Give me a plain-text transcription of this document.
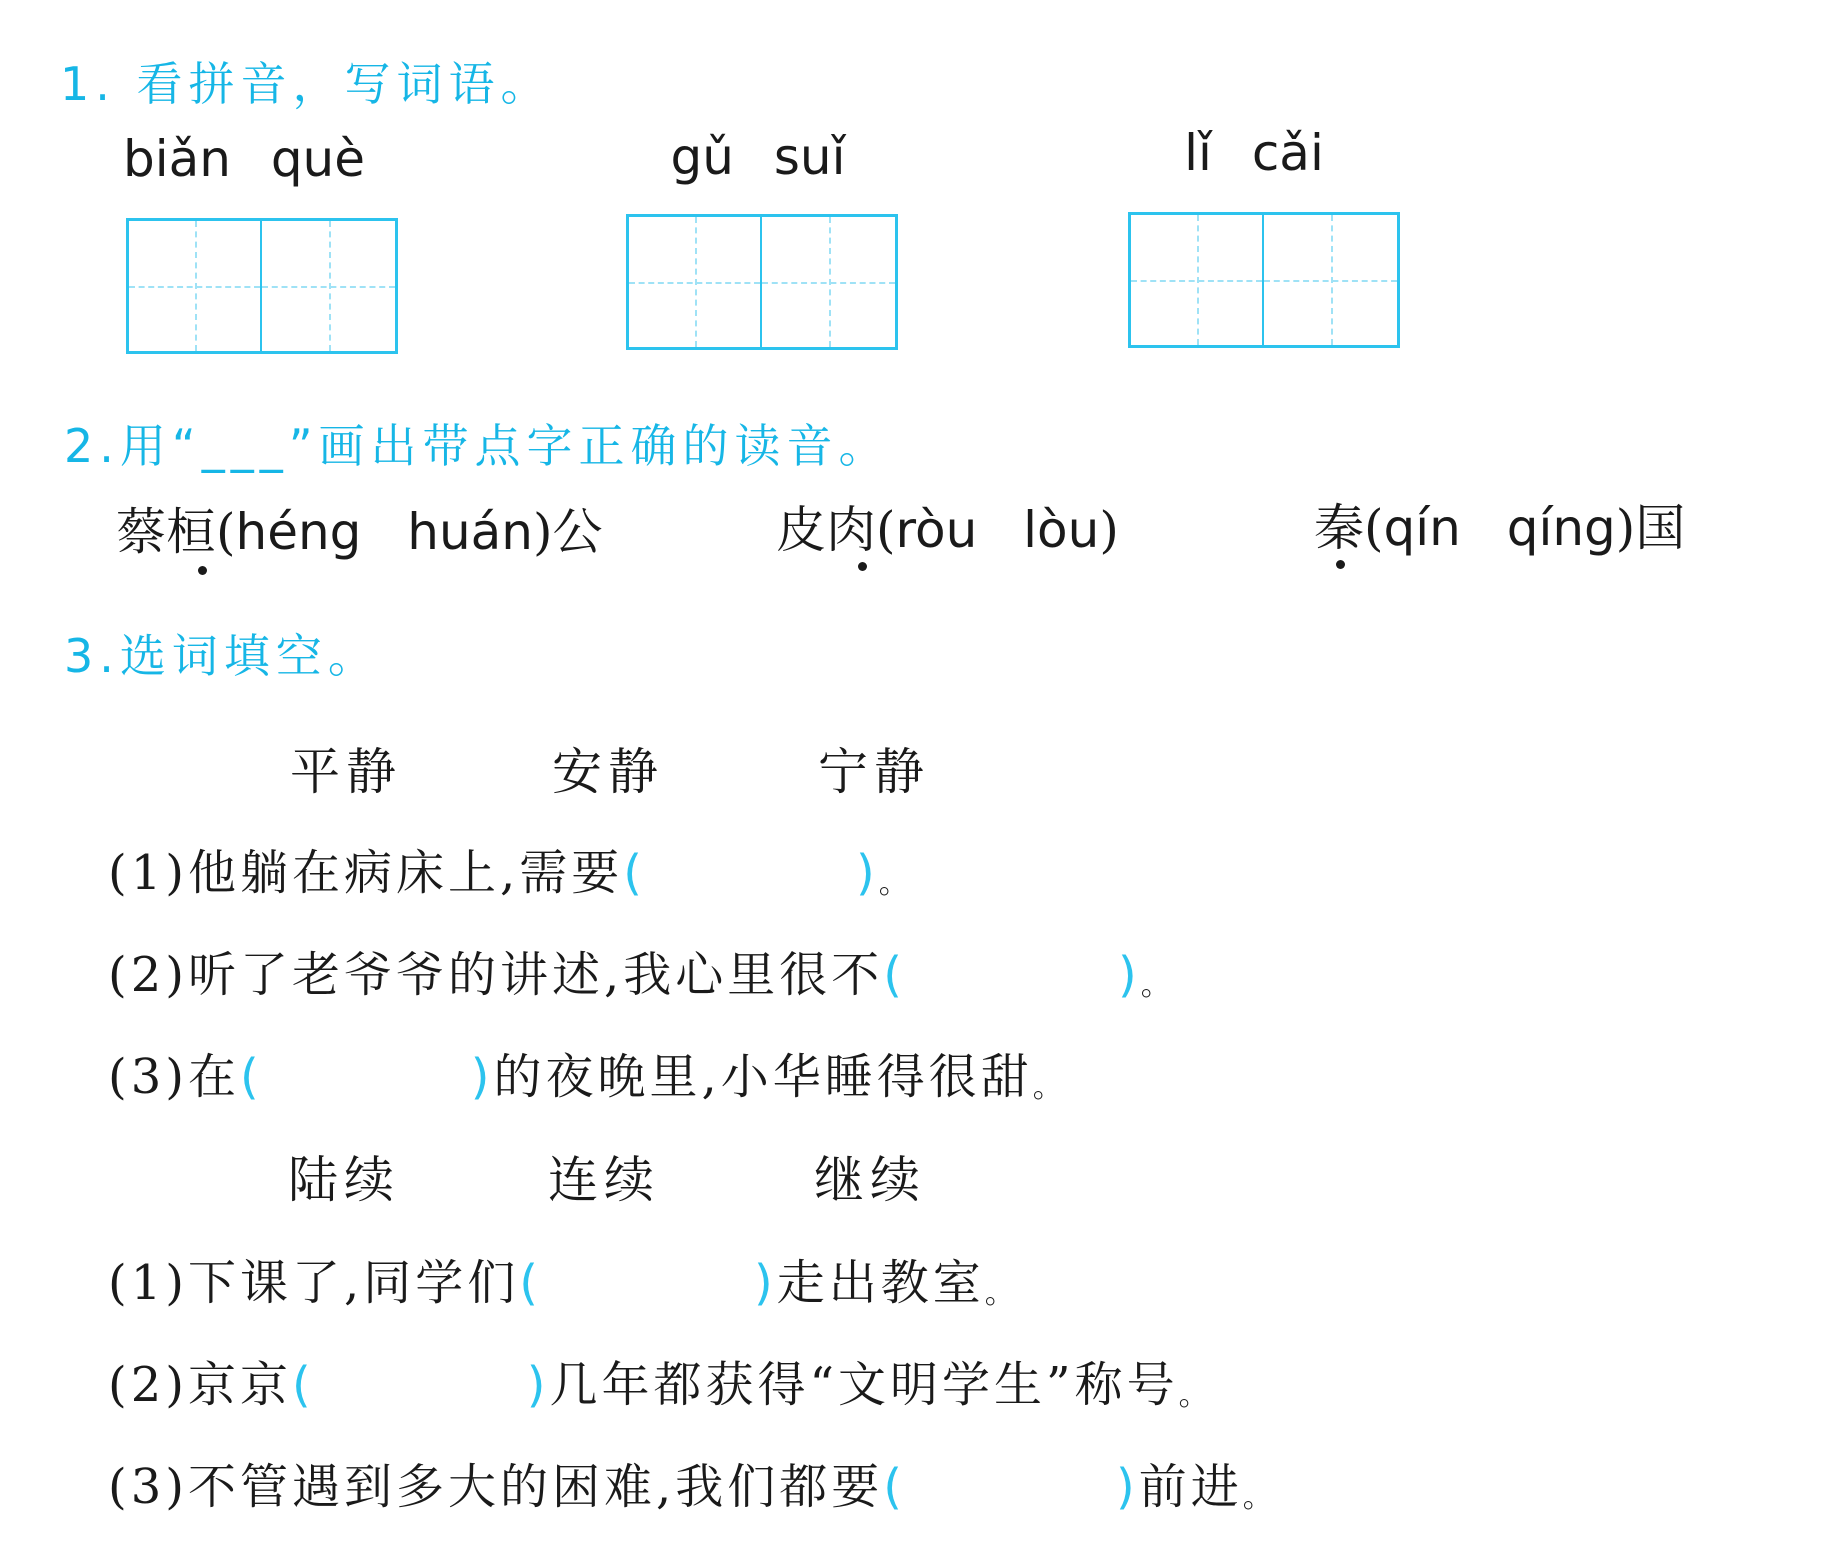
1. 看拼音，写词语。
biǎn què	gǔ suǐ	lǐ cǎi
2.用“___”画出带点字正确的读音。
蔡桓(héng huán)公	皮肉(ròu lòu)	秦(qín qíng)国
3.选词填空。
平静	安静	宁静
(1)他躺在病床上,需要(	)。
(2)听了老爷爷的讲述,我心里很不(	)。
(3)在(	)的夜晚里,小华睡得很甜。
陆续	连续	继续
(1)下课了,同学们(	)走出教室。
(2)京京(	)几年都获得“文明学生”称号。
(3)不管遇到多大的困难,我们都要(	)前进。
